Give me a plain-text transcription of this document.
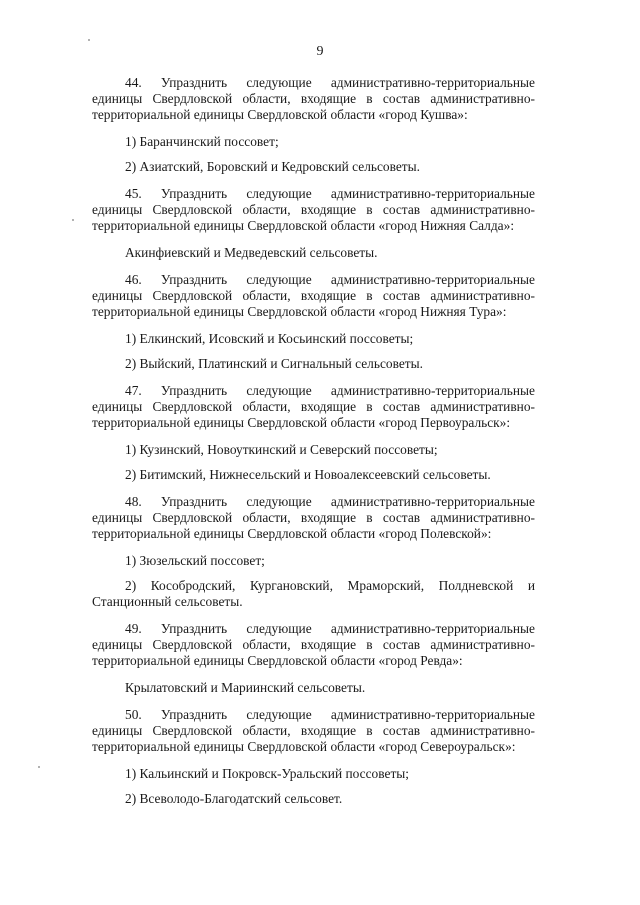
9

44. Упразднить следующие административно-территориальные единицы Свердловской области, входящие в состав административно-территориальной единицы Свердловской области «город Кушва»:

1) Баранчинский поссовет;

2) Азиатский, Боровский и Кедровский сельсоветы.

45. Упразднить следующие административно-территориальные единицы Свердловской области, входящие в состав административно-территориальной единицы Свердловской области «город Нижняя Салда»:

Акинфиевский и Медведевский сельсоветы.

46. Упразднить следующие административно-территориальные единицы Свердловской области, входящие в состав административно-территориальной единицы Свердловской области «город Нижняя Тура»:

1) Елкинский, Исовский и Косьинский поссоветы;

2) Выйский, Платинский и Сигнальный сельсоветы.

47. Упразднить следующие административно-территориальные единицы Свердловской области, входящие в состав административно-территориальной единицы Свердловской области «город Первоуральск»:

1) Кузинский, Новоуткинский и Северский поссоветы;

2) Битимский, Нижнесельский и Новоалексеевский сельсоветы.

48. Упразднить следующие административно-территориальные единицы Свердловской области, входящие в состав административно-территориальной единицы Свердловской области «город Полевской»:

1) Зюзельский поссовет;

2) Кособродский, Кургановский, Мраморский, Полдневской и Станционный сельсоветы.

49. Упразднить следующие административно-территориальные единицы Свердловской области, входящие в состав административно-территориальной единицы Свердловской области «город Ревда»:

Крылатовский и Мариинский сельсоветы.

50. Упразднить следующие административно-территориальные единицы Свердловской области, входящие в состав административно-территориальной единицы Свердловской области «город Североуральск»:

1) Кальинский и Покровск-Уральский поссоветы;

2) Всеволодо-Благодатский сельсовет.
